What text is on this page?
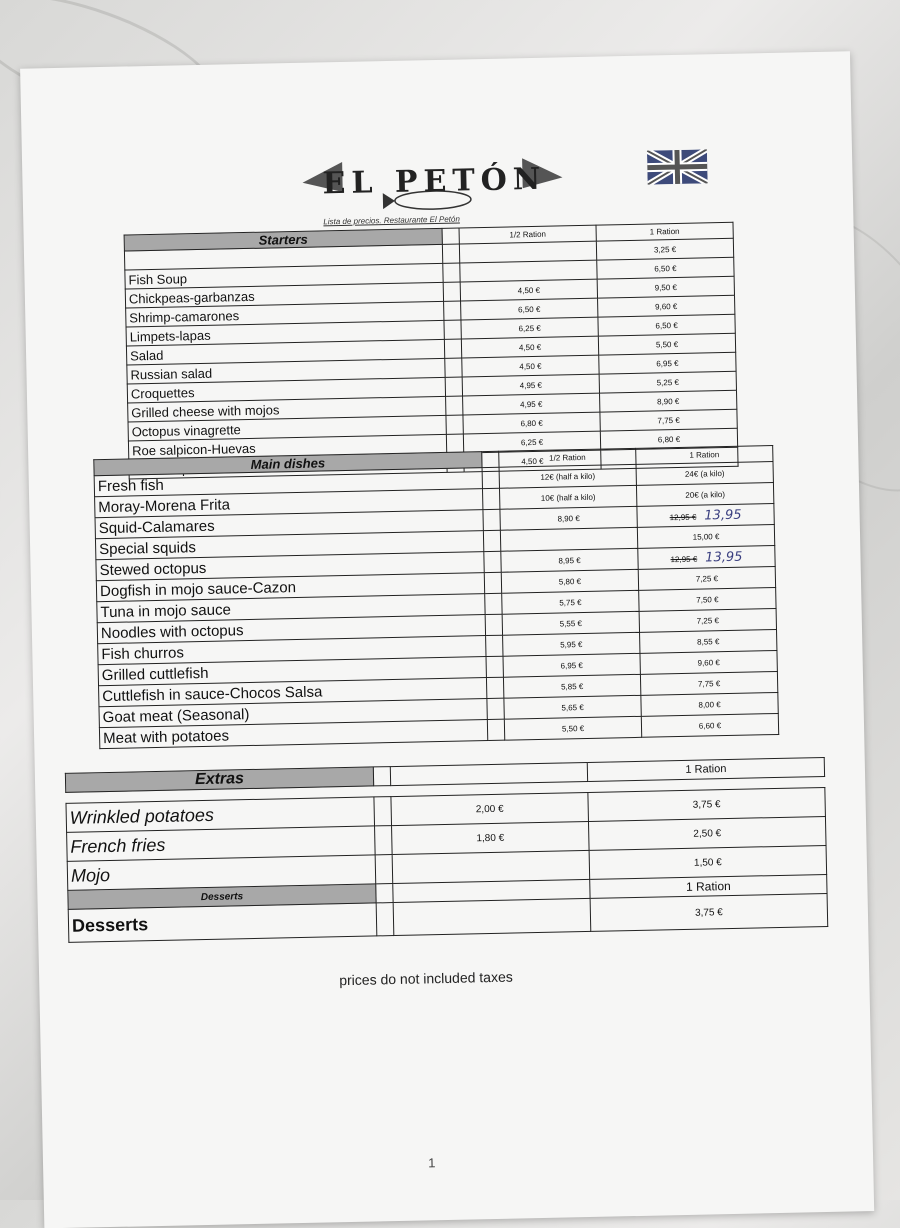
EL PETÓN
Lista de precios. Restaurante El Petón
Starters		1/2 Ration	1 Ration
			3,25 €
Fish Soup			6,50 €
Chickpeas-garbanzas		4,50 €	9,50 €
Shrimp-camarones		6,50 €	9,60 €
Limpets-lapas		6,25 €	6,50 €
Salad		4,50 €	5,50 €
Russian salad		4,50 €	6,95 €
Croquettes		4,95 €	5,25 €
Grilled cheese with mojos		4,95 €	8,90 €
Octopus vinagrette		6,80 €	7,75 €
Roe salpicon-Huevas		6,25 €	6,80 €
		4,50 €	
Main dishes		1/2 Ration	1 Ration
Fresh fish		12€ (half a kilo)	24€ (a kilo)
Moray-Morena Frita		10€ (half a kilo)	20€ (a kilo)
Squid-Calamares		8,90 €	12,95 € 13,95
Special squids			15,00 €
Stewed octopus		8,95 €	12,95 € 13,95
Dogfish in mojo sauce-Cazon		5,80 €	7,25 €
Tuna in mojo sauce		5,75 €	7,50 €
Noodles with octopus		5,55 €	7,25 €
Fish churros		5,95 €	8,55 €
Grilled cuttlefish		6,95 €	9,60 €
Cuttlefish in sauce-Chocos Salsa		5,85 €	7,75 €
Goat meat (Seasonal)		5,65 €	8,00 €
Meat with potatoes		5,50 €	6,60 €
Extras			1 Ration

Wrinkled potatoes		2,00 €	3,75 €
French fries		1,80 €	2,50 €
Mojo			1,50 €
Desserts			1 Ration
Desserts			3,75 €
prices do not included taxes
1
